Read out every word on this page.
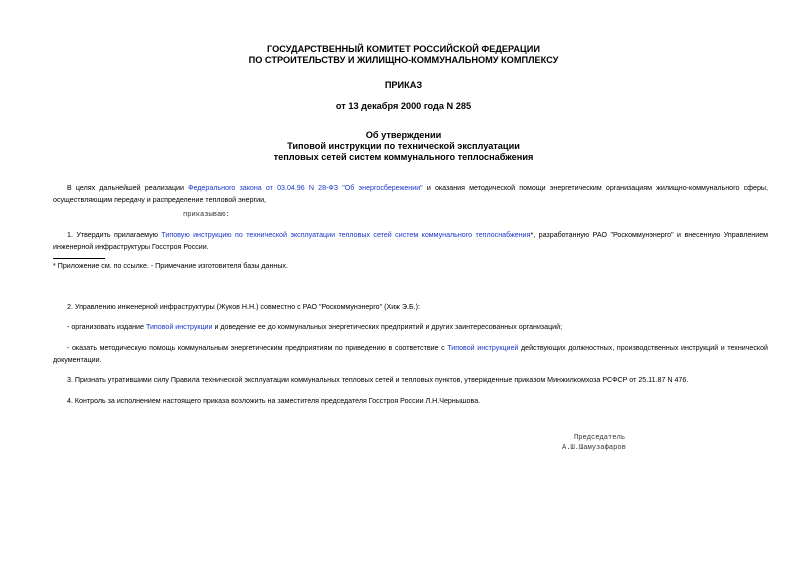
ГОСУДАРСТВЕННЫЙ КОМИТЕТ РОССИЙСКОЙ ФЕДЕРАЦИИ
ПО СТРОИТЕЛЬСТВУ И ЖИЛИЩНО-КОММУНАЛЬНОМУ КОМПЛЕКСУ
ПРИКАЗ
от 13 декабря 2000 года N 285
Об утверждении
Типовой инструкции по технической эксплуатации
тепловых сетей систем коммунального теплоснабжения
В целях дальнейшей реализации Федерального закона от 03.04.96 N 28-ФЗ "Об энергосбережении" и оказания методической помощи энергетическим организациям жилищно-коммунального сферы, осуществляющим передачу и распределение тепловой энергии,
приказываю:
1. Утвердить прилагаемую Типовую инструкцию по технической эксплуатации тепловых сетей систем коммунального теплоснабжения*, разработанную РАО "Роскоммунэнерго" и внесенную Управлением инженерной инфраструктуры Госстроя России.
* Приложение см. по ссылке. - Примечание изготовителя базы данных.
2. Управлению инженерной инфраструктуры (Жуков Н.Н.) совместно с РАО "Роскоммунэнерго" (Хиж Э.Б.):
- организовать издание Типовой инструкции и доведение ее до коммунальных энергетических предприятий и других заинтересованных организаций;
- оказать методическую помощь коммунальным энергетическим предприятиям по приведению в соответствие с Типовой инструкцией действующих должностных, производственных инструкций и технической документации.
3. Признать утратившими силу Правила технической эксплуатации коммунальных тепловых сетей и тепловых пунктов, утвержденные приказом Минжилкомхоза РСФСР от 25.11.87 N 476.
4. Контроль за исполнением настоящего приказа возложить на заместителя председателя Госстроя России Л.Н.Чернышова.
Председатель
А.Ш.Шамузафаров
